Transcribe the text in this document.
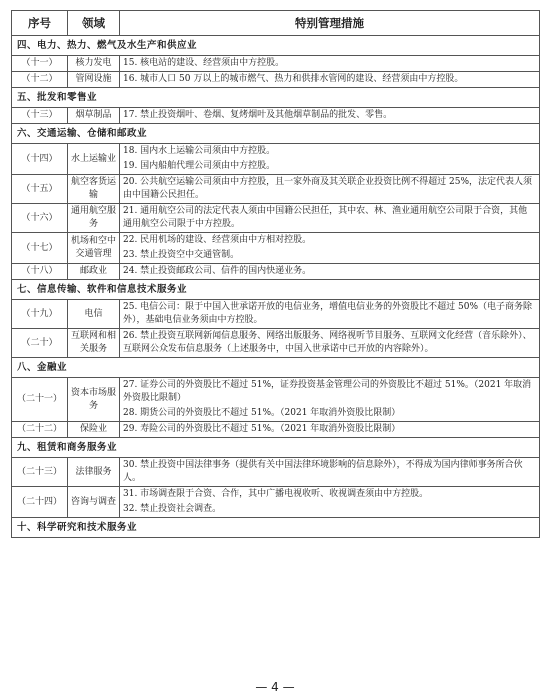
序号	领域	特别管理措施
四、电力、热力、燃气及水生产和供应业		
（十一）	核力发电	15. 核电站的建设、经营须由中方控股。

（十二）	管网设施	16. 城市人口 50 万以上的城市燃气、热力和供排水管网的建设、经营须由中方控股。

五、批发和零售业		
（十三）	烟草制品	17. 禁止投资烟叶、卷烟、复烤烟叶及其他烟草制品的批发、零售。

六、交通运输、仓储和邮政业		
（十四）	水上运输业	18. 国内水上运输公司须由中方控股。
19. 国内船舶代理公司须由中方控股。

（十五）	航空客货运输	20. 公共航空运输公司须由中方控股，且一家外商及其关联企业投资比例不得超过 25%，法定代表人须由中国籍公民担任。

（十六）	通用航空服务	21. 通用航空公司的法定代表人须由中国籍公民担任，其中农、林、渔业通用航空公司限于合资，其他通用航空公司限于中方控股。

（十七）	机场和空中交通管理	22. 民用机场的建设、经营须由中方相对控股。
23. 禁止投资空中交通管制。

（十八）	邮政业	24. 禁止投资邮政公司、信件的国内快递业务。

七、信息传输、软件和信息技术服务业		
（十九）	电信	25. 电信公司：限于中国入世承诺开放的电信业务，增值电信业务的外资股比不超过 50%（电子商务除外），基础电信业务须由中方控股。

（二十）	互联网和相关服务	26. 禁止投资互联网新闻信息服务、网络出版服务、网络视听节目服务、互联网文化经营（音乐除外）、互联网公众发布信息服务（上述服务中，中国入世承诺中已开放的内容除外）。

八、金融业		
（二十一）	资本市场服务	27. 证券公司的外资股比不超过 51%，证券投资基金管理公司的外资股比不超过 51%。（2021 年取消外资股比限制）
28. 期货公司的外资股比不超过 51%。（2021 年取消外资股比限制）

（二十二）	保险业	29. 寿险公司的外资股比不超过 51%。（2021 年取消外资股比限制）

九、租赁和商务服务业		
（二十三）	法律服务	30. 禁止投资中国法律事务（提供有关中国法律环境影响的信息除外），不得成为国内律师事务所合伙人。

（二十四）	咨询与调查	31. 市场调查限于合资、合作，其中广播电视收听、收视调查须由中方控股。
32. 禁止投资社会调查。

十、科学研究和技术服务业		
— 4 —
